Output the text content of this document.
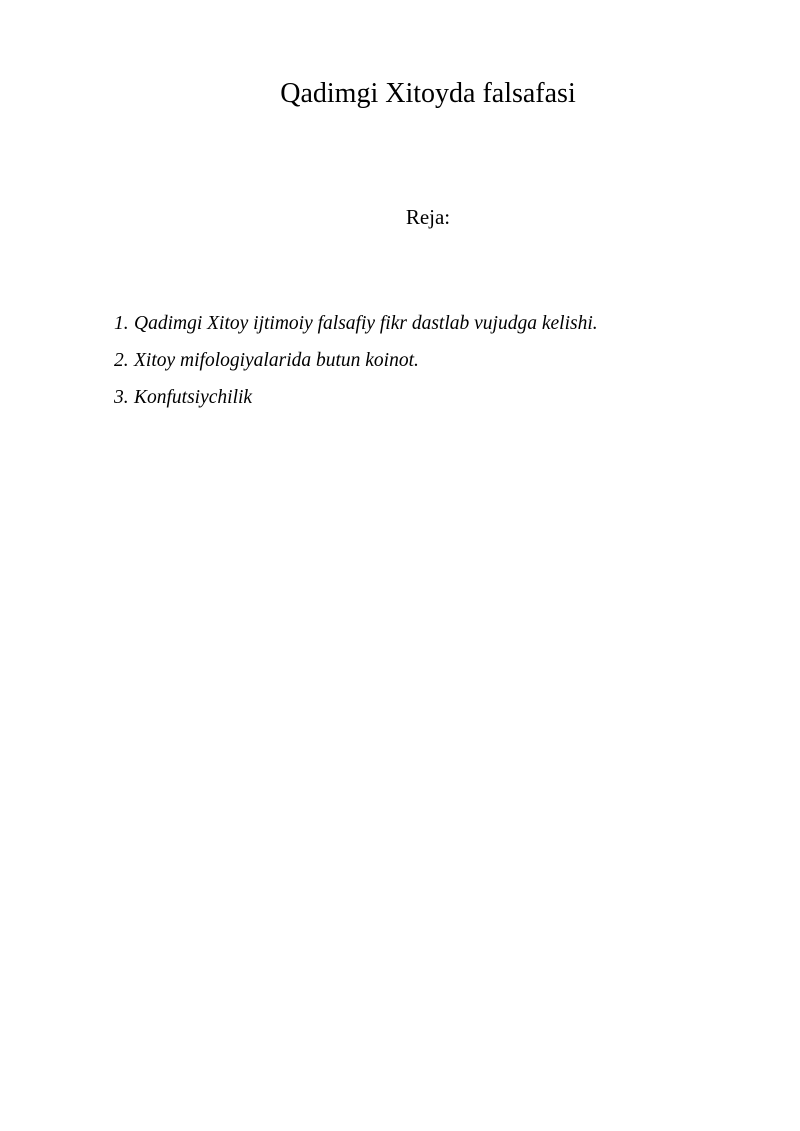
Qadimgi Xitoyda falsafasi
Reja:
1. Qadimgi Xitoy ijtimoiy falsafiy fikr dastlab vujudga kelishi.
2. Xitoy mifologiyalarida butun koinot.
3. Konfutsiychilik
